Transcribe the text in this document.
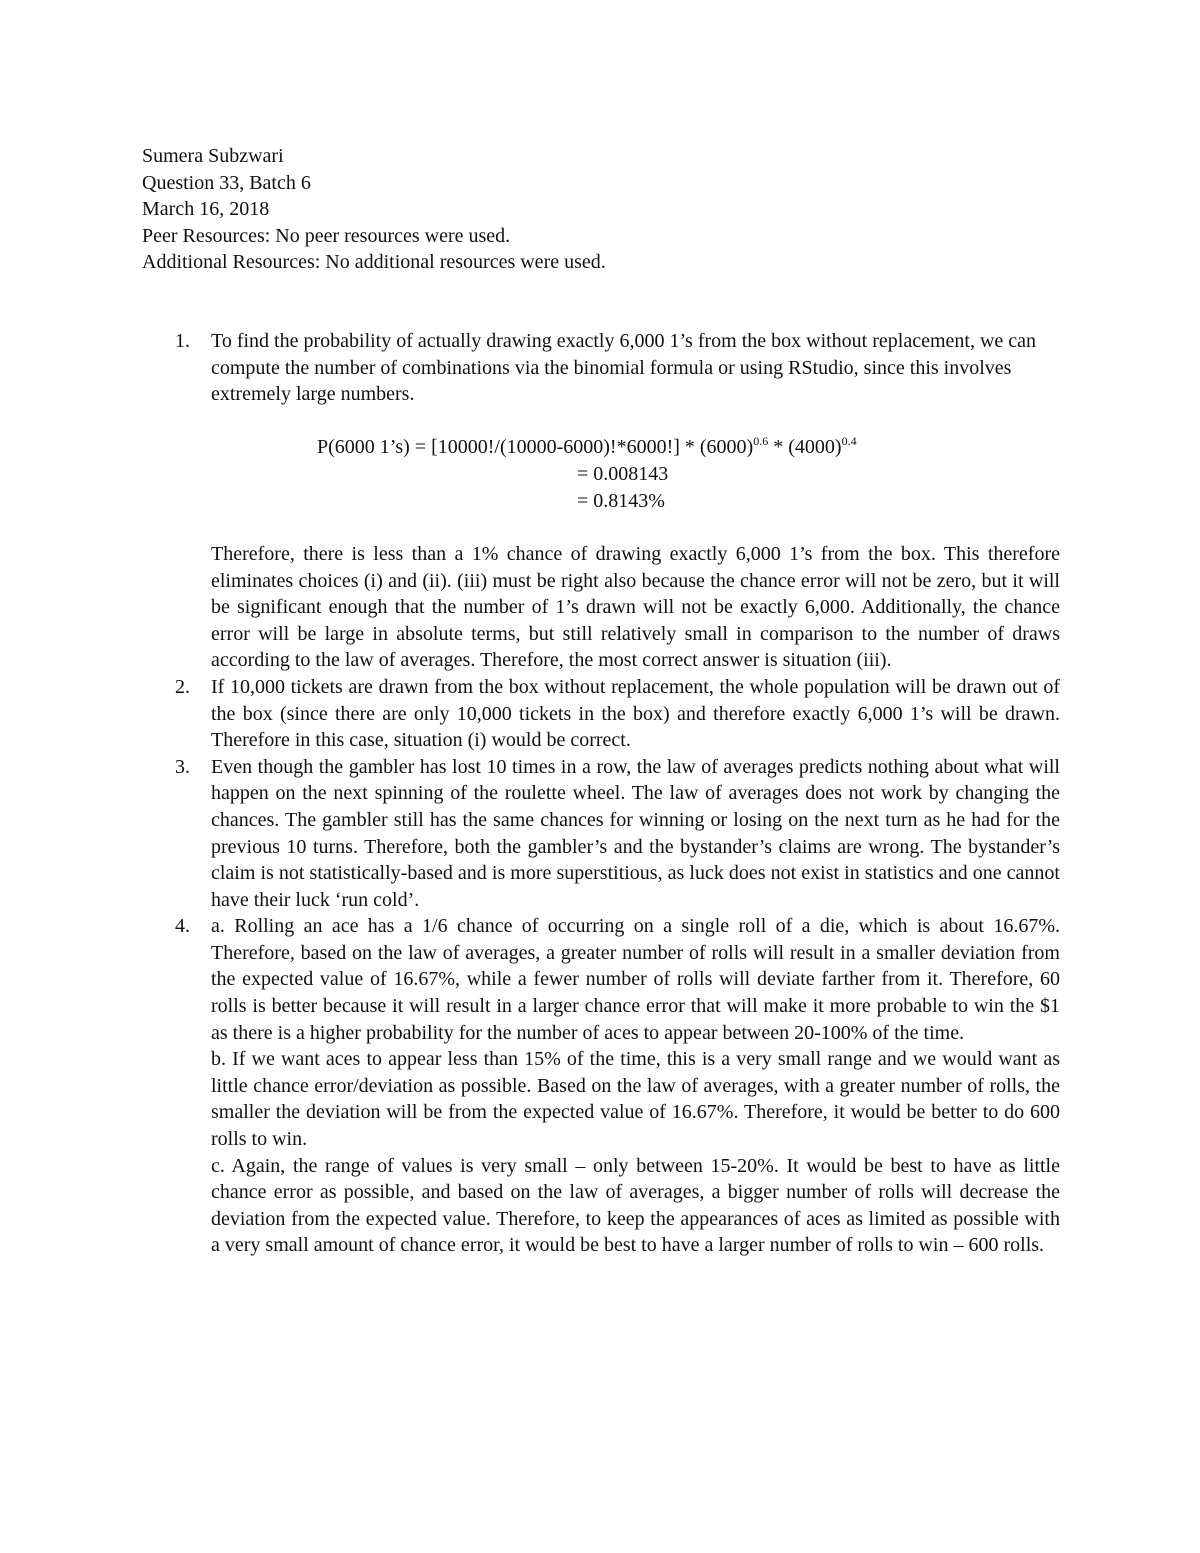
Sumera Subzwari
Question 33, Batch 6
March 16, 2018
Peer Resources: No peer resources were used.
Additional Resources: No additional resources were used.
1. To find the probability of actually drawing exactly 6,000 1’s from the box without replacement, we can compute the number of combinations via the binomial formula or using RStudio, since this involves extremely large numbers.

P(6000 1’s) = $[10000!/(10000-6000)!*6000!] * (6000)^{0.6} * (4000)^{0.4}$
= 0.008143
= 0.8143%

Therefore, there is less than a 1% chance of drawing exactly 6,000 1’s from the box. This therefore eliminates choices (i) and (ii). (iii) must be right also because the chance error will not be zero, but it will be significant enough that the number of 1’s drawn will not be exactly 6,000. Additionally, the chance error will be large in absolute terms, but still relatively small in comparison to the number of draws according to the law of averages. Therefore, the most correct answer is situation (iii).

2. If 10,000 tickets are drawn from the box without replacement, the whole population will be drawn out of the box (since there are only 10,000 tickets in the box) and therefore exactly 6,000 1’s will be drawn. Therefore in this case, situation (i) would be correct.

3. Even though the gambler has lost 10 times in a row, the law of averages predicts nothing about what will happen on the next spinning of the roulette wheel. The law of averages does not work by changing the chances. The gambler still has the same chances for winning or losing on the next turn as he had for the previous 10 turns. Therefore, both the gambler’s and the bystander’s claims are wrong. The bystander’s claim is not statistically-based and is more superstitious, as luck does not exist in statistics and one cannot have their luck ‘run cold’.

4. a. Rolling an ace has a 1/6 chance of occurring on a single roll of a die, which is about 16.67%. Therefore, based on the law of averages, a greater number of rolls will result in a smaller deviation from the expected value of 16.67%, while a fewer number of rolls will deviate farther from it. Therefore, 60 rolls is better because it will result in a larger chance error that will make it more probable to win the $1 as there is a higher probability for the number of aces to appear between 20-100% of the time.

b. If we want aces to appear less than 15% of the time, this is a very small range and we would want as little chance error/deviation as possible. Based on the law of averages, with a greater number of rolls, the smaller the deviation will be from the expected value of 16.67%. Therefore, it would be better to do 600 rolls to win.

c. Again, the range of values is very small – only between 15-20%. It would be best to have as little chance error as possible, and based on the law of averages, a bigger number of rolls will decrease the deviation from the expected value. Therefore, to keep the appearances of aces as limited as possible with a very small amount of chance error, it would be best to have a larger number of rolls to win – 600 rolls.
